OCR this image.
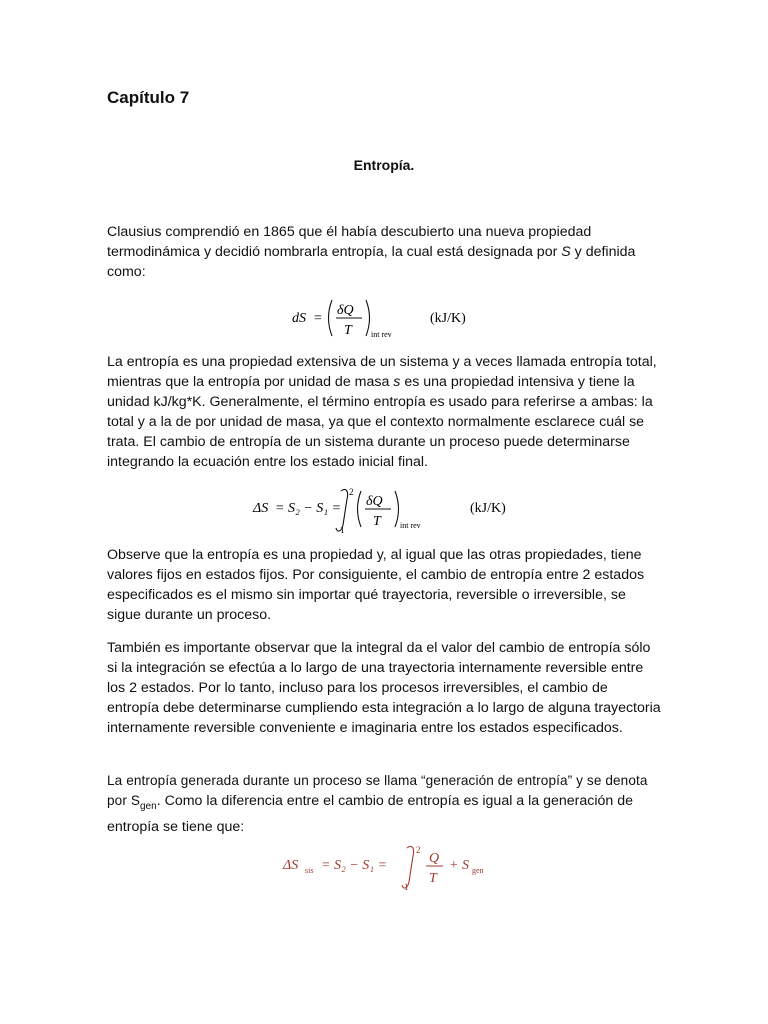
Capítulo 7
Entropía.

Clausius comprendió en 1865 que él había descubierto una nueva propiedad termodinámica y decidió nombrarla entropía, la cual está designada por S y definida como:

dS =
δQ
T int rev
(kJ/K)

La entropía es una propiedad extensiva de un sistema y a veces llamada entropía total, mientras que la entropía por unidad de masa s es una propiedad intensiva y tiene la unidad kJ/kg*K. Generalmente, el término entropía es usado para referirse a ambas: la total y a la de por unidad de masa, ya que el contexto normalmente esclarece cuál se trata. El cambio de entropía de un sistema durante un proceso puede determinarse integrando la ecuación entre los estado inicial final.

ΔS = S₂ − S₁ =
2
1
δQ
T int rev
(kJ/K)

Observe que la entropía es una propiedad y, al igual que las otras propiedades, tiene valores fijos en estados fijos. Por consiguiente, el cambio de entropía entre 2 estados especificados es el mismo sin importar qué trayectoria, reversible o irreversible, se sigue durante un proceso.

También es importante observar que la integral da el valor del cambio de entropía sólo si la integración se efectúa a lo largo de una trayectoria internamente reversible entre los 2 estados. Por lo tanto, incluso para los procesos irreversibles, el cambio de entropía debe determinarse cumpliendo esta integración a lo largo de alguna trayectoria internamente reversible conveniente e imaginaria entre los estados especificados.

La entropía generada durante un proceso se llama “generación de entropía” y se denota por $S_{gen}$. Como la diferencia entre el cambio de entropía es igual a la generación de entropía se tiene que:

ΔS sis = S₂ − S₁ =
2
1
Q
T
+ S gen
